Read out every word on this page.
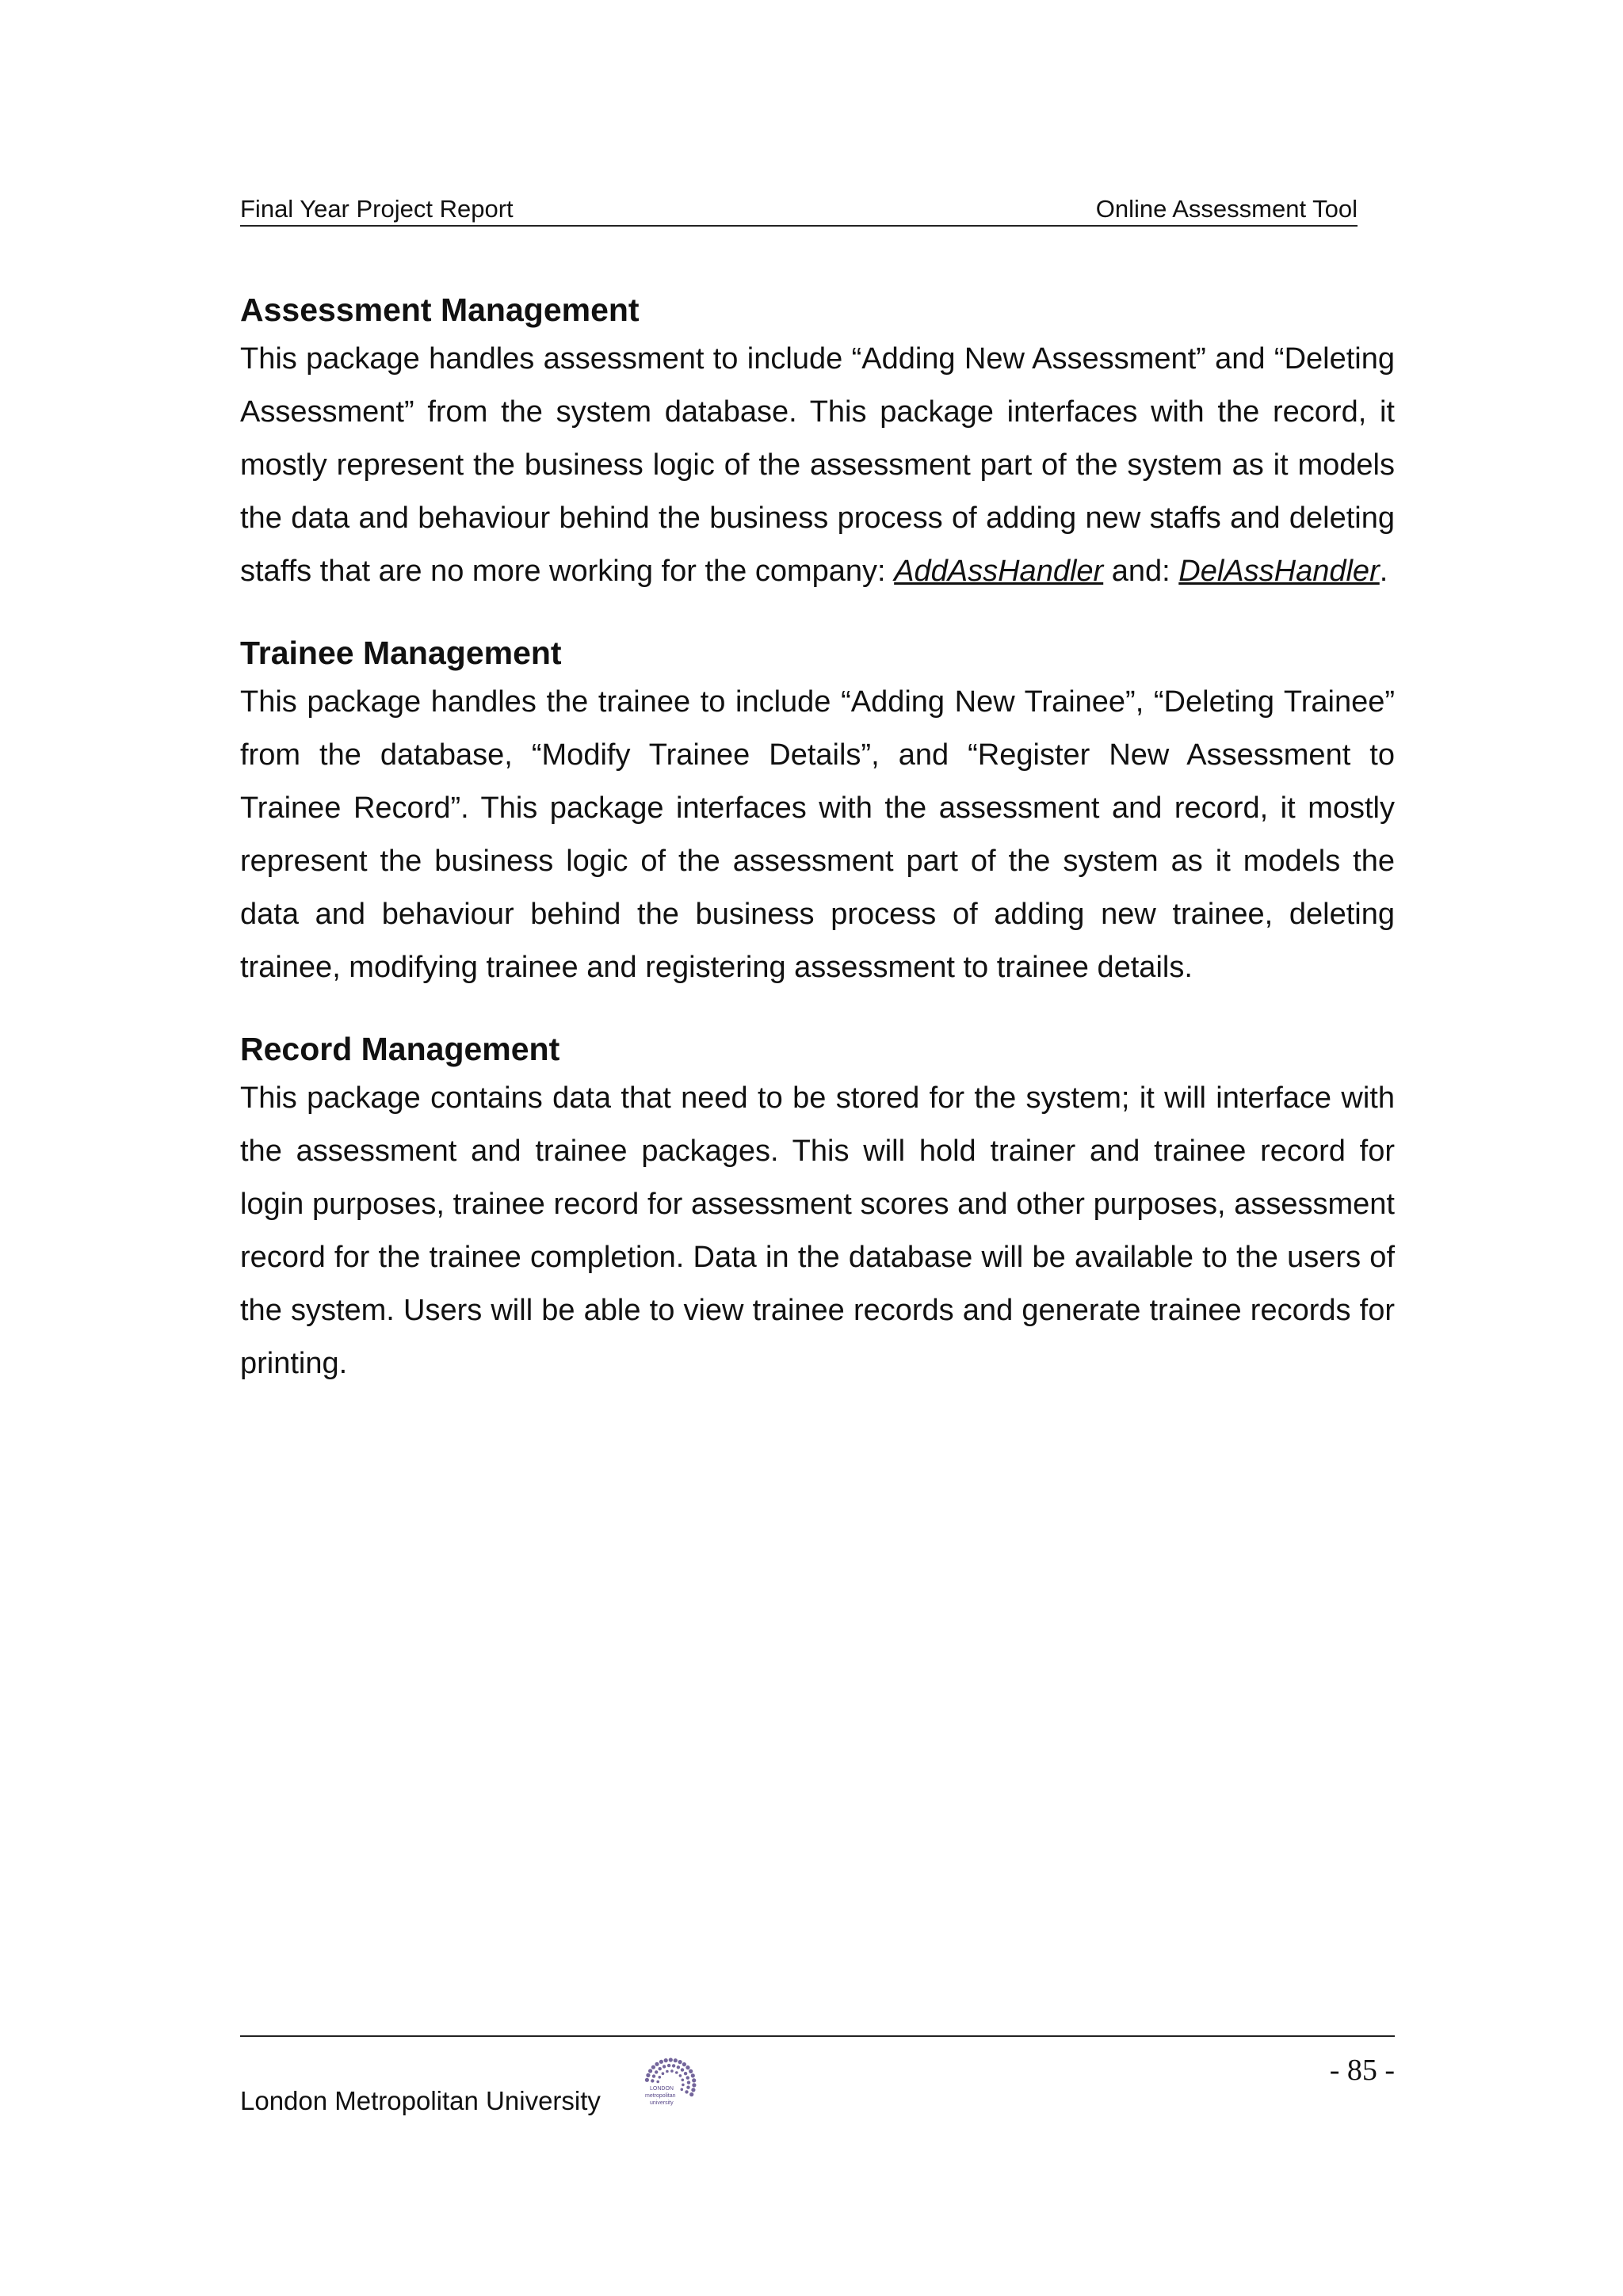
Final Year Project Report	Online Assessment Tool
Assessment Management

This package handles assessment to include “Adding New Assessment” and “Deleting Assessment” from the system database. This package interfaces with the record, it mostly represent the business logic of the assessment part of the system as it models the data and behaviour behind the business process of adding new staffs and deleting staffs that are no more working for the company: AddAssHandler and: DelAssHandler.

Trainee Management

This package handles the trainee to include “Adding New Trainee”, “Deleting Trainee” from the database, “Modify Trainee Details”, and “Register New Assessment to Trainee Record”. This package interfaces with the assessment and record, it mostly represent the business logic of the assessment part of the system as it models the data and behaviour behind the business process of adding new trainee, deleting trainee, modifying trainee and registering assessment to trainee details.

Record Management

This package contains data that need to be stored for the system; it will interface with the assessment and trainee packages. This will hold trainer and trainee record for login purposes, trainee record for assessment scores and other purposes, assessment record for the trainee completion. Data in the database will be available to the users of the system. Users will be able to view trainee records and generate trainee records for printing.

London Metropolitan University	LONDON
metropolitan
university
- 85 -
